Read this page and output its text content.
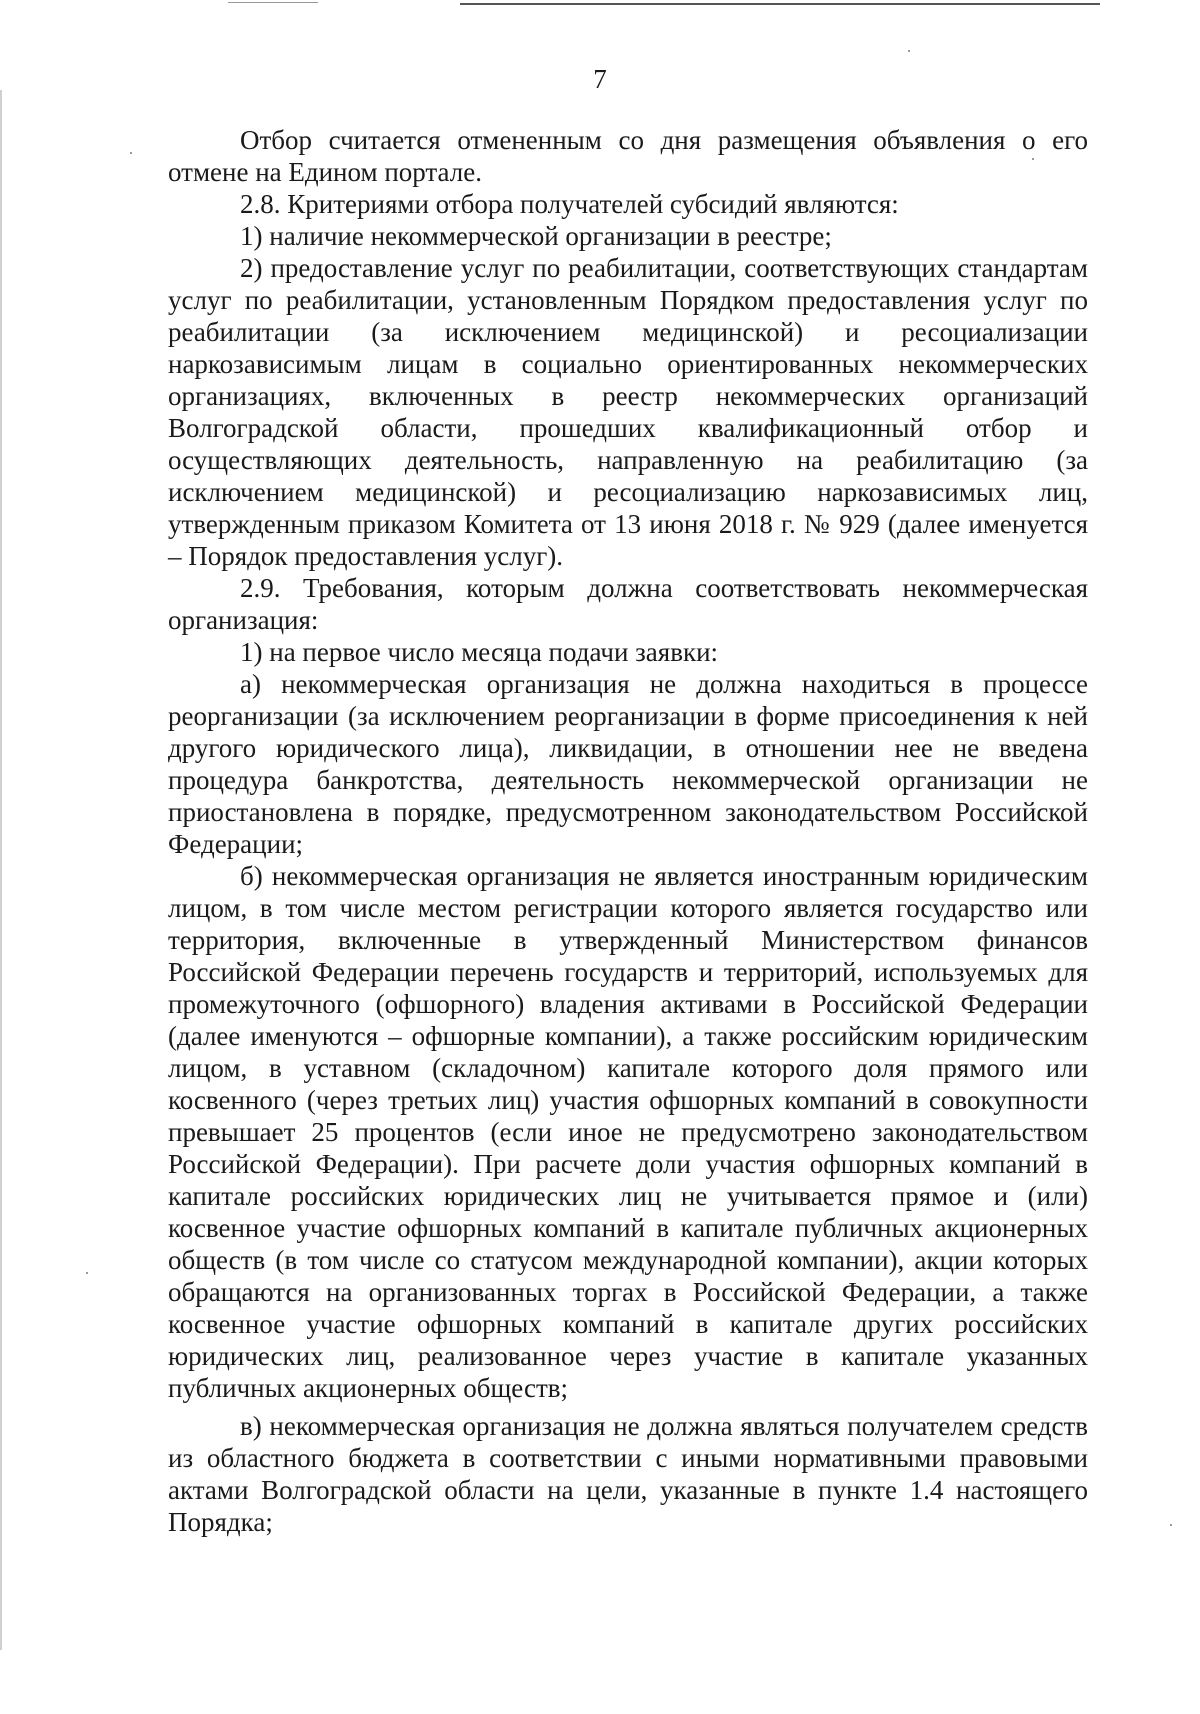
7

Отбор считается отмененным со дня размещения объявления о его отмене на Едином портале.

2.8. Критериями отбора получателей субсидий являются:

1) наличие некоммерческой организации в реестре;

2) предоставление услуг по реабилитации, соответствующих стандартам услуг по реабилитации, установленным Порядком предоставления услуг по реабилитации (за исключением медицинской) и ресоциализации наркозависимым лицам в социально ориентированных некоммерческих организациях, включенных в реестр некоммерческих организаций Волгоградской области, прошедших квалификационный отбор и осуществляющих деятельность, направленную на реабилитацию (за исключением медицинской) и ресоциализацию наркозависимых лиц, утвержденным приказом Комитета от 13 июня 2018 г. № 929 (далее именуется – Порядок предоставления услуг).

2.9. Требования, которым должна соответствовать некоммерческая организация:

1) на первое число месяца подачи заявки:

а) некоммерческая организация не должна находиться в процессе реорганизации (за исключением реорганизации в форме присоединения к ней другого юридического лица), ликвидации, в отношении нее не введена процедура банкротства, деятельность некоммерческой организации не приостановлена в порядке, предусмотренном законодательством Российской Федерации;

б) некоммерческая организация не является иностранным юридическим лицом, в том числе местом регистрации которого является государство или территория, включенные в утвержденный Министерством финансов Российской Федерации перечень государств и территорий, используемых для промежуточного (офшорного) владения активами в Российской Федерации (далее именуются – офшорные компании), а также российским юридическим лицом, в уставном (складочном) капитале которого доля прямого или косвенного (через третьих лиц) участия офшорных компаний в совокупности превышает 25 процентов (если иное не предусмотрено законодательством Российской Федерации). При расчете доли участия офшорных компаний в капитале российских юридических лиц не учитывается прямое и (или) косвенное участие офшорных компаний в капитале публичных акционерных обществ (в том числе со статусом международной компании), акции которых обращаются на организованных торгах в Российской Федерации, а также косвенное участие офшорных компаний в капитале других российских юридических лиц, реализованное через участие в капитале указанных публичных акционерных обществ;

в) некоммерческая организация не должна являться получателем средств из областного бюджета в соответствии с иными нормативными правовыми актами Волгоградской области на цели, указанные в пункте 1.4 настоящего Порядка;
